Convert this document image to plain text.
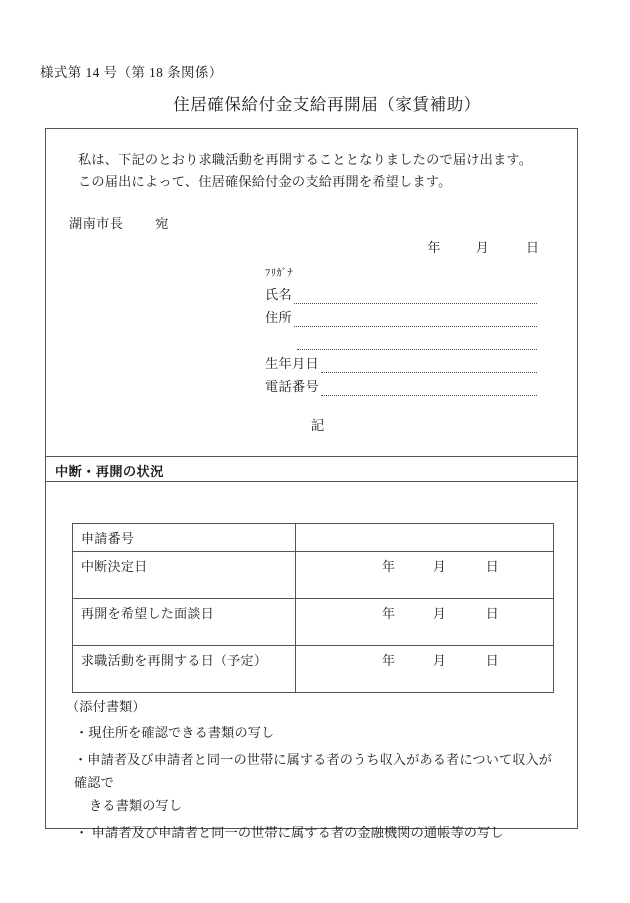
様式第 14 号（第 18 条関係）
住居確保給付金支給再開届（家賃補助）
私は、下記のとおり求職活動を再開することとなりましたので届け出ます。
この届出によって、住居確保給付金の支給再開を希望します。
湖南市長 宛
年	月	日
ﾌﾘｶﾞﾅ
氏名
住所
生年月日
電話番号
記
中断・再開の状況
申請番号	
中断決定日	年 月 日

再開を希望した面談日	年 月 日

求職活動を再開する日（予定）	年 月 日

（添付書類）

・現住所を確認できる書類の写し

・申請者及び申請者と同一の世帯に属する者のうち収入がある者について収入が確認で
きる書類の写し

・ 申請者及び申請者と同一の世帯に属する者の金融機関の通帳等の写し
